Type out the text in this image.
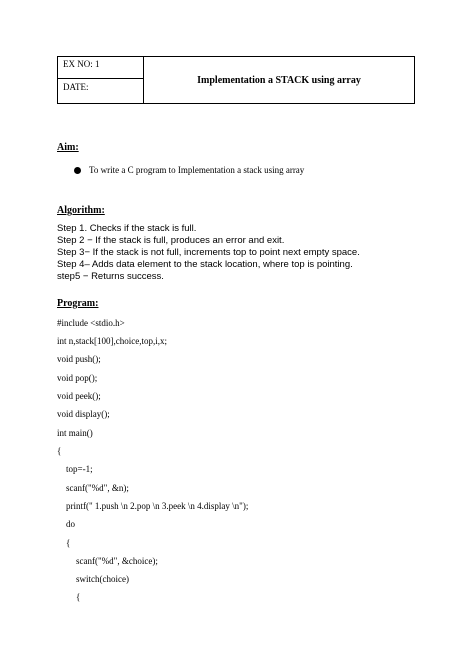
EX NO: 1
DATE:
Implementation a STACK using array
Aim:
To write a C program to Implementation a stack using array
Algorithm:
Step 1. Checks if the stack is full.
Step 2 − If the stack is full, produces an error and exit.
Step 3− If the stack is not full, increments top to point next empty space.
Step 4– Adds data element to the stack location, where top is pointing.
step5 − Returns success.
Program:
#include <stdio.h>
int n,stack[100],choice,top,i,x;
void push();
void pop();
void peek();
void display();
int main()
{
top=-1;
scanf("%d", &n);
printf(" 1.push \n 2.pop \n 3.peek \n 4.display \n");
do
{
scanf("%d", &choice);
switch(choice)
{
